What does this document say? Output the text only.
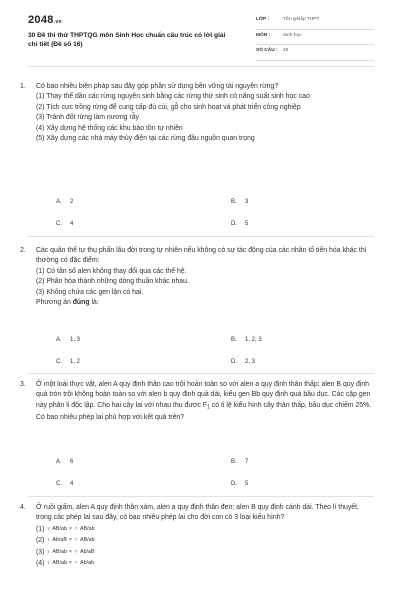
2048.vn
30 Đề thi thử THPTQG môn Sinh Học chuẩn cấu trúc có lời giải chi tiết (Đề số 16)
LỚP :	Tốt nghiệp THPT
MÔN :	Sinh học
SỐ CÂU : 40
1. Có bao nhiêu biện pháp sau đây góp phần sử dụng bền vững tài nguyên rừng?

(1) Thay thế dần các rừng nguyên sinh bằng các rừng thứ sinh có năng suất sinh học cao

(2) Tích cực trồng rừng để cung cấp đủ củi, gỗ cho sinh hoạt và phát triển công nghiệp

(3) Tránh đốt rừng làm nương rẫy

(4) Xây dựng hệ thống các khu bảo tồn tự nhiên

(5) Xây dựng các nhà máy thủy điện tại các rừng đầu nguồn quan trọng

A. 2	B. 3
C. 4	D. 5
2. Các quần thể tự thụ phấn lâu đời trong tự nhiên nếu không có sự tác động của các nhân tố tiến hóa khác thì thường có đặc điểm:

(1) Có tần số alen không thay đổi qua các thế hệ.

(2) Phân hóa thành những dòng thuần khác nhau.

(3) Không chứa các gen lặn có hại.

Phương án đúng là:

A. 1, 3	B. 1, 2, 3
C. 1, 2	D. 2, 3
3. Ở một loài thực vật, alen A quy định thân cao trội hoàn toàn so với alen a quy định thân thấp; alen B quy định quả tròn trội không hoàn toàn so với alen b quy định quả dài, kiểu gen Bb quy định quả bầu dục. Các cặp gen này phân li độc lập. Cho hai cây lai với nhau thu được $F_1$ có tỉ lệ kiểu hình cây thân thấp, bầu dục chiếm 25%. Có bao nhiêu phép lai phù hợp với kết quả trên?

A. 6	B. 7
C. 4	D. 5
4. Ở ruồi giấm, alen A quy định thân xám, alen a quy định thân đen; alen B quy định cánh dài. Theo lí thuyết, trong các phép lai sau đây, có bao nhiêu phép lai cho đời con có 3 loại kiểu hình?

(1) ♀ AB/ab × ♂ AB/ab

(2) ♀ Ab/aB × ♂ AB/ab

(3) ♀ AB/ab × ♂ Ab/aB

(4) ♀ AB/ab × ♂ Ab/ab
